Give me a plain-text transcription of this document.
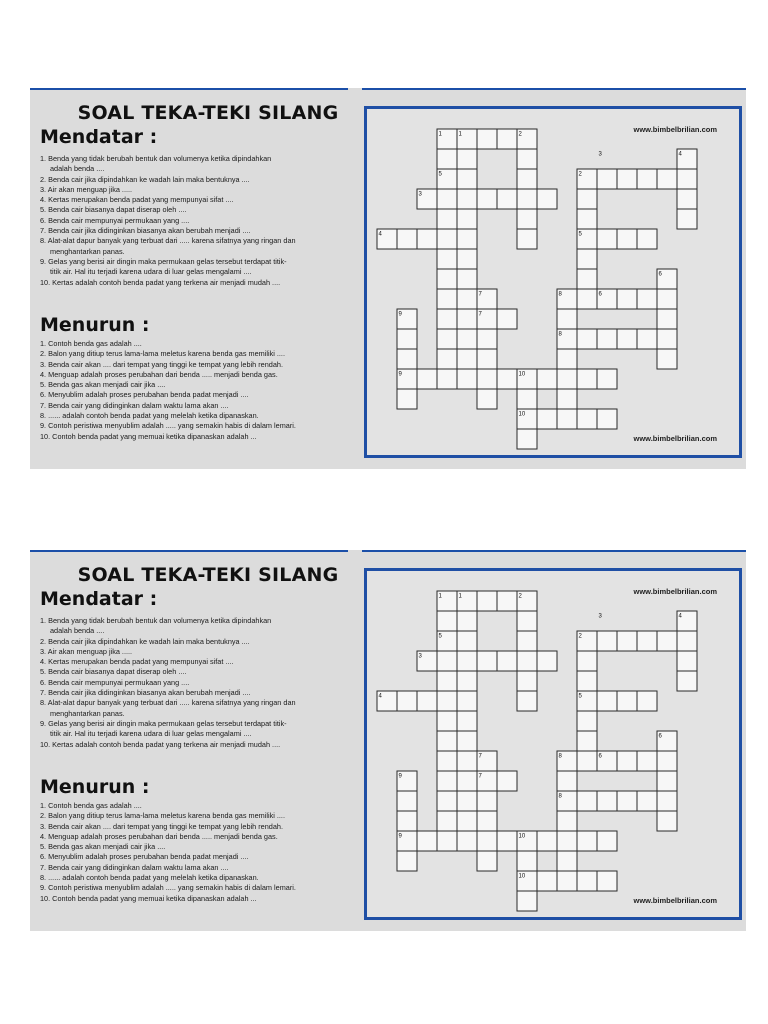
SOAL TEKA-TEKI SILANG
Mendatar :
1. Benda yang tidak berubah bentuk dan volumenya ketika dipindahkan
adalah benda ....
2. Benda cair jika dipindahkan ke wadah lain maka bentuknya ....
3. Air akan menguap jika .....
4. Kertas merupakan benda padat yang mempunyai sifat ....
5. Benda cair biasanya dapat diserap oleh ....
6. Benda cair mempunyai permukaan yang ....
7. Benda cair jika didinginkan biasanya akan berubah menjadi ....
8. Alat-alat dapur banyak yang terbuat dari ..... karena sifatnya yang ringan dan
menghantarkan panas.
9. Gelas yang berisi air dingin maka permukaan gelas tersebut terdapat titik-
titik air. Hal itu terjadi karena udara di luar gelas mengalami ....
10. Kertas adalah contoh benda padat yang terkena air menjadi mudah ....
Menurun :
1. Contoh benda gas adalah ....
2. Balon yang ditiup terus lama-lama meletus karena benda gas memiliki ....
3. Benda cair akan .... dari tempat yang tinggi ke tempat yang lebih rendah.
4. Menguap adalah proses perubahan dari benda ..... menjadi benda gas.
5. Benda gas akan menjadi cair jika ....
6. Menyublim adalah proses perubahan benda padat menjadi ....
7. Benda cair yang didinginkan dalam waktu lama akan ....
8. ...... adalah contoh benda padat yang melelah ketika dipanaskan.
9. Contoh peristiwa menyublim adalah ..... yang semakin habis di dalam lemari.
10. Contoh benda padat yang memuai ketika dipanaskan adalah ...
www.bimbelbrilian.com
1	1	2
3	4
5	2
3
4	5
6
7	8	6
9	7
8
9	10
10
www.bimbelbrilian.com
SOAL TEKA-TEKI SILANG
Mendatar :
1. Benda yang tidak berubah bentuk dan volumenya ketika dipindahkan
adalah benda ....
2. Benda cair jika dipindahkan ke wadah lain maka bentuknya ....
3. Air akan menguap jika .....
4. Kertas merupakan benda padat yang mempunyai sifat ....
5. Benda cair biasanya dapat diserap oleh ....
6. Benda cair mempunyai permukaan yang ....
7. Benda cair jika didinginkan biasanya akan berubah menjadi ....
8. Alat-alat dapur banyak yang terbuat dari ..... karena sifatnya yang ringan dan
menghantarkan panas.
9. Gelas yang berisi air dingin maka permukaan gelas tersebut terdapat titik-
titik air. Hal itu terjadi karena udara di luar gelas mengalami ....
10. Kertas adalah contoh benda padat yang terkena air menjadi mudah ....
Menurun :
1. Contoh benda gas adalah ....
2. Balon yang ditiup terus lama-lama meletus karena benda gas memiliki ....
3. Benda cair akan .... dari tempat yang tinggi ke tempat yang lebih rendah.
4. Menguap adalah proses perubahan dari benda ..... menjadi benda gas.
5. Benda gas akan menjadi cair jika ....
6. Menyublim adalah proses perubahan benda padat menjadi ....
7. Benda cair yang didinginkan dalam waktu lama akan ....
8. ...... adalah contoh benda padat yang melelah ketika dipanaskan.
9. Contoh peristiwa menyublim adalah ..... yang semakin habis di dalam lemari.
10. Contoh benda padat yang memuai ketika dipanaskan adalah ...
www.bimbelbrilian.com
1	1	2
3	4
5	2
3
4	5
6
7	8	6
9	7
8
9	10
10
www.bimbelbrilian.com
